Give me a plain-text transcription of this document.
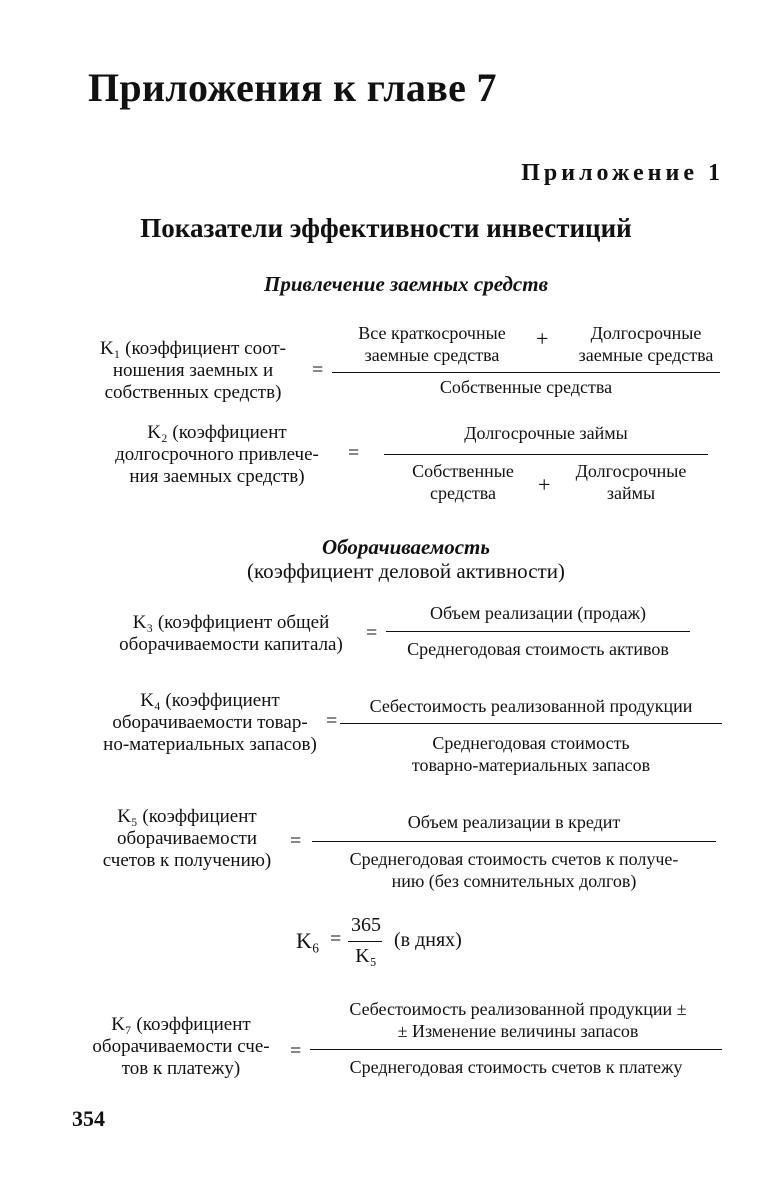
Приложения к главе 7
Приложение 1
Показатели эффективности инвестиций
Привлечение заемных средств
K₁ (коэффициент соот-
ношения заемных и
собственных средств)
=
Все краткосрочные
заемные средства
+	Долгосрочные
заемные средства
Собственные средства
K₂ (коэффициент
долгосрочного привлече-
ния заемных средств)
=
Долгосрочные займы
Собственные
средства	+
Долгосрочные
займы
Оборачиваемость
(коэффициент деловой активности)
K₃ (коэффициент общей
оборачиваемости капитала)
=
Объем реализации (продаж)
Среднегодовая стоимость активов
K₄ (коэффициент
оборачиваемости товар-
но-материальных запасов)
=
Себестоимость реализованной продукции
Среднегодовая стоимость
товарно-материальных запасов
K₅ (коэффициент
оборачиваемости
счетов к получению)
=
Объем реализации в кредит
Среднегодовая стоимость счетов к получе-
нию (без сомнительных долгов)
K₆ =
365
K₅
(в днях)
K₇ (коэффициент
оборачиваемости сче-
тов к платежу)
=
Себестоимость реализованной продукции ±
± Изменение величины запасов
Среднегодовая стоимость счетов к платежу
354
